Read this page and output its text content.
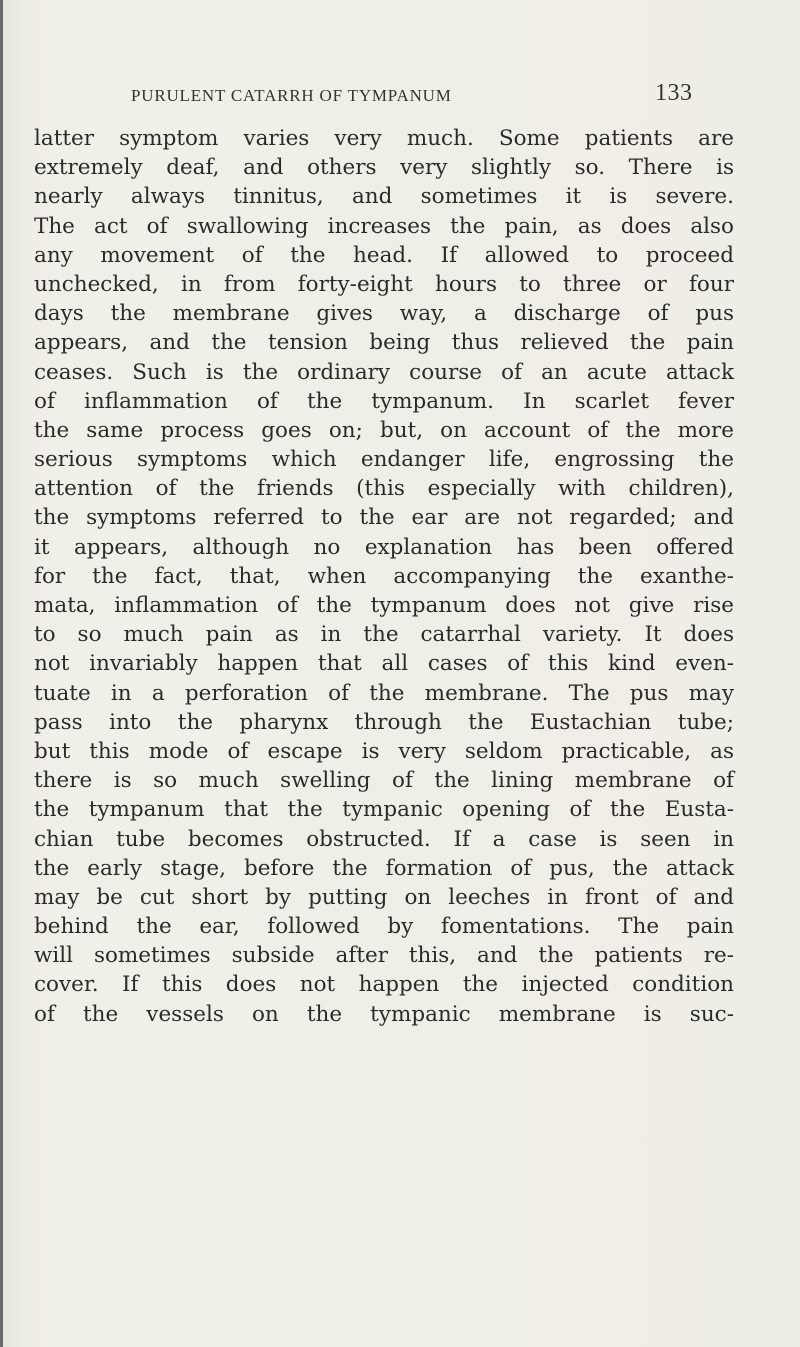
PURULENT CATARRH OF TYMPANUM	133
latter symptom varies very much. Some patients are
extremely deaf, and others very slightly so. There is
nearly always tinnitus, and sometimes it is severe.
The act of swallowing increases the pain, as does also
any movement of the head. If allowed to proceed
unchecked, in from forty-eight hours to three or four
days the membrane gives way, a discharge of pus
appears, and the tension being thus relieved the pain
ceases. Such is the ordinary course of an acute attack
of inflammation of the tympanum. In scarlet fever
the same process goes on; but, on account of the more
serious symptoms which endanger life, engrossing the
attention of the friends (this especially with children),
the symptoms referred to the ear are not regarded; and
it appears, although no explanation has been offered
for the fact, that, when accompanying the exanthe-
mata, inflammation of the tympanum does not give rise
to so much pain as in the catarrhal variety. It does
not invariably happen that all cases of this kind even-
tuate in a perforation of the membrane. The pus may
pass into the pharynx through the Eustachian tube;
but this mode of escape is very seldom practicable, as
there is so much swelling of the lining membrane of
the tympanum that the tympanic opening of the Eusta-
chian tube becomes obstructed. If a case is seen in
the early stage, before the formation of pus, the attack
may be cut short by putting on leeches in front of and
behind the ear, followed by fomentations. The pain
will sometimes subside after this, and the patients re-
cover. If this does not happen the injected condition
of the vessels on the tympanic membrane is suc-
